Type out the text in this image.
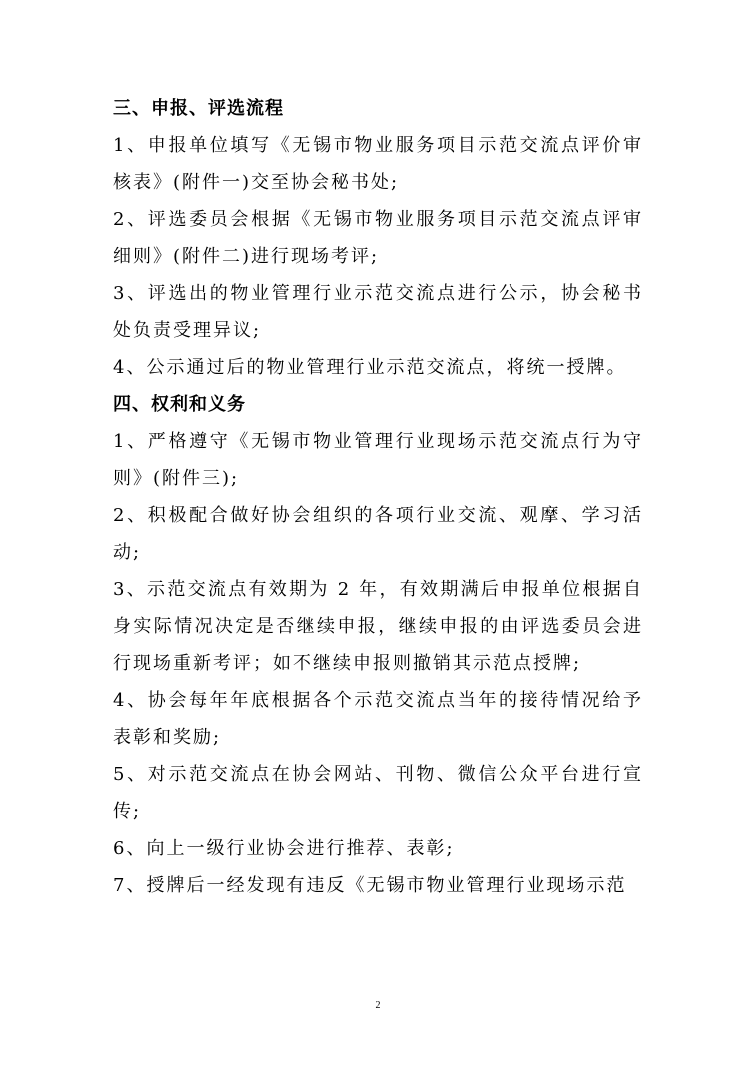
三、申报、评选流程

1、申报单位填写《无锡市物业服务项目示范交流点评价审核表》(附件一)交至协会秘书处;

2、评选委员会根据《无锡市物业服务项目示范交流点评审细则》(附件二)进行现场考评;

3、评选出的物业管理行业示范交流点进行公示，协会秘书处负责受理异议;

4、公示通过后的物业管理行业示范交流点，将统一授牌。

四、权利和义务

1、严格遵守《无锡市物业管理行业现场示范交流点行为守则》(附件三);

2、积极配合做好协会组织的各项行业交流、观摩、学习活动;

3、示范交流点有效期为 2 年，有效期满后申报单位根据自身实际情况决定是否继续申报，继续申报的由评选委员会进行现场重新考评；如不继续申报则撤销其示范点授牌;

4、协会每年年底根据各个示范交流点当年的接待情况给予表彰和奖励;

5、对示范交流点在协会网站、刊物、微信公众平台进行宣传;

6、向上一级行业协会进行推荐、表彰;

7、授牌后一经发现有违反《无锡市物业管理行业现场示范

2
